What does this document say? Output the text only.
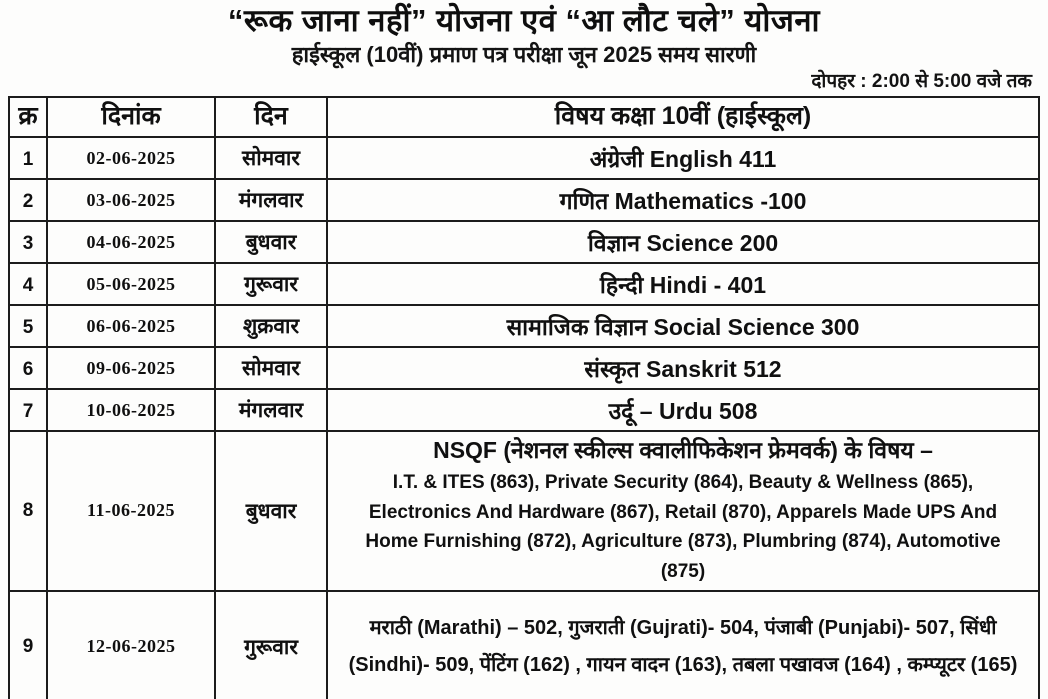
“रूक जाना नहीं” योजना एवं “आ लौट चले” योजना
हाईस्कूल (10वीं) प्रमाण पत्र परीक्षा जून 2025 समय सारणी
दोपहर : 2:00 से 5:00 वजे तक
क्र	दिनांक	दिन	विषय कक्षा 10वीं (हाईस्कूल)
1	02-06-2025	सोमवार	अंग्रेजी English 411
2	03-06-2025	मंगलवार	गणित Mathematics -100
3	04-06-2025	बुधवार	विज्ञान Science 200
4	05-06-2025	गुरूवार	हिन्दी Hindi - 401
5	06-06-2025	शुक्रवार	सामाजिक विज्ञान Social Science 300
6	09-06-2025	सोमवार	संस्कृत Sanskrit 512
7	10-06-2025	मंगलवार	उर्दू – Urdu 508
8	11-06-2025	बुधवार	NSQF (नेशनल स्कील्स क्वालीफिकेशन फ्रेमवर्क) के विषय –
I.T. & ITES (863), Private Security (864), Beauty & Wellness (865), Electronics And Hardware (867), Retail (870), Apparels Made UPS And Home Furnishing (872), Agriculture (873), Plumbring (874), Automotive (875)

9	12-06-2025	गुरूवार	मराठी (Marathi) – 502, गुजराती (Gujrati)- 504, पंजाबी (Punjabi)- 507, सिंधी (Sindhi)- 509, पेंटिंग (162) , गायन वादन (163), तबला पखावज (164) , कम्प्यूटर (165)
